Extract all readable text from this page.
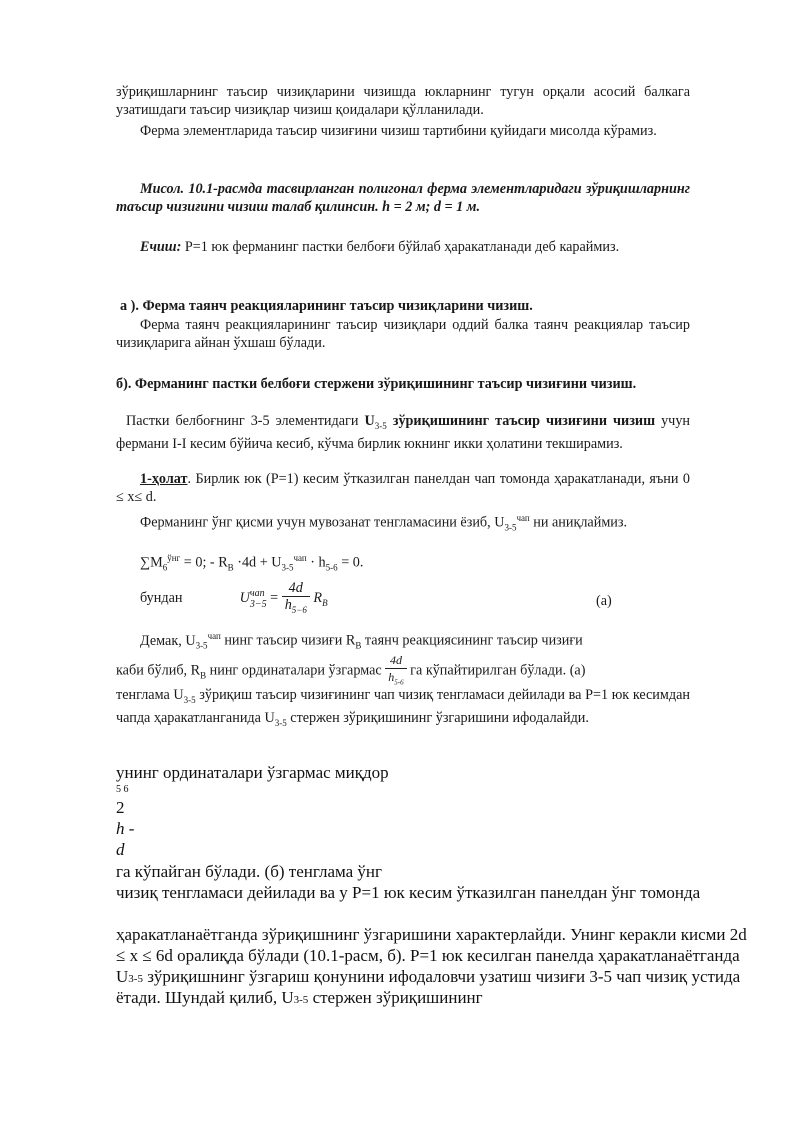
зўриқишларнинг таъсир чизиқларини чизишда юкларнинг тугун орқали асосий балкага узатишдаги таъсир чизиқлар чизиш қоидалари қўлланилади.

Ферма элементларида таъсир чизиғини чизиш тартибини қуйидаги мисолда кўрамиз.

Мисол. 10.1-расмда тасвирланган полигонал ферма элементларидаги зўриқишларнинг таъсир чизиғини чизиш талаб қилинсин. h = 2 м; d = 1 м.

Ечиш: P=1 юк ферманинг пастки белбоғи бўйлаб ҳаракатланади деб караймиз.

а ). Ферма таянч реакцияларининг таъсир чизиқларини чизиш.

Ферма таянч реакцияларининг таъсир чизиқлари оддий балка таянч реакциялар таъсир чизиқларига айнан ўхшаш бўлади.

б). Ферманинг пастки белбоғи стержени зўриқишининг таъсир чизиғини чизиш.

Пастки белбоғнинг 3-5 элементидаги $U_{3-5}$ зўриқишининг таъсир чизиғини чизиш учун фермани I-I кесим бўйича кесиб, кўчма бирлик юкнинг икки ҳолатини текширамиз.

1-ҳолат. Бирлик юк (P=1) кесим ўтказилган панелдан чап томонда ҳаракатланади, яъни 0 ≤ x≤ d.

Ферманинг ўнг қисми учун мувозанат тенгламасини ёзиб, $U_{3-5}^{чап}$ ни аниқлаймиз.

$\sum M_6^{ўнг} = 0$; - $R_B \cdot 4d + U_{3-5}^{чап} \cdot h_{5-6} = 0$.
бундан	U чап
$3-5 = \frac{4d}{h_{5-6}} R_B$	(a)

Демак, $U_{3-5}^{чап}$ нинг таъсир чизиғи $R_B$ таянч реакциясининг таъсир чизиғи

каби бўлиб, $R_B$ нинг ординаталари ўзгармас $\frac{4d}{h_{5-6}}$ га кўпайтирилган бўлади. (а)

тенглама $U_{3-5}$ зўриқиш таъсир чизиғининг чап чизиқ тенгламаси дейилади ва P=1 юк кесимдан чапда ҳаракатланганида $U_{3-5}$ стержен зўриқишининг ўзгаришини ифодалайди.

унинг ординаталари ўзгармас миқдор
5 6
2
h -
d
га кўпайган бўлади. (б) тенглама ўнг
чизиқ тенгламаси дейилади ва у P=1 юк кесим ўтказилган панелдан ўнг томонда
ҳаракатланаётганда зўриқишнинг ўзгаришини характерлайди. Унинг керакли кисми 2d ≤ x ≤ 6d оралиқда бўлади (10.1-расм, б). P=1 юк кесилган панелда ҳаракатланаётганда U3-5 зўриқишнинг ўзгариш қонунини ифодаловчи узатиш чизиғи 3-5 чап чизиқ устида ётади. Шундай қилиб, U3-5 стержен зўриқишининг
